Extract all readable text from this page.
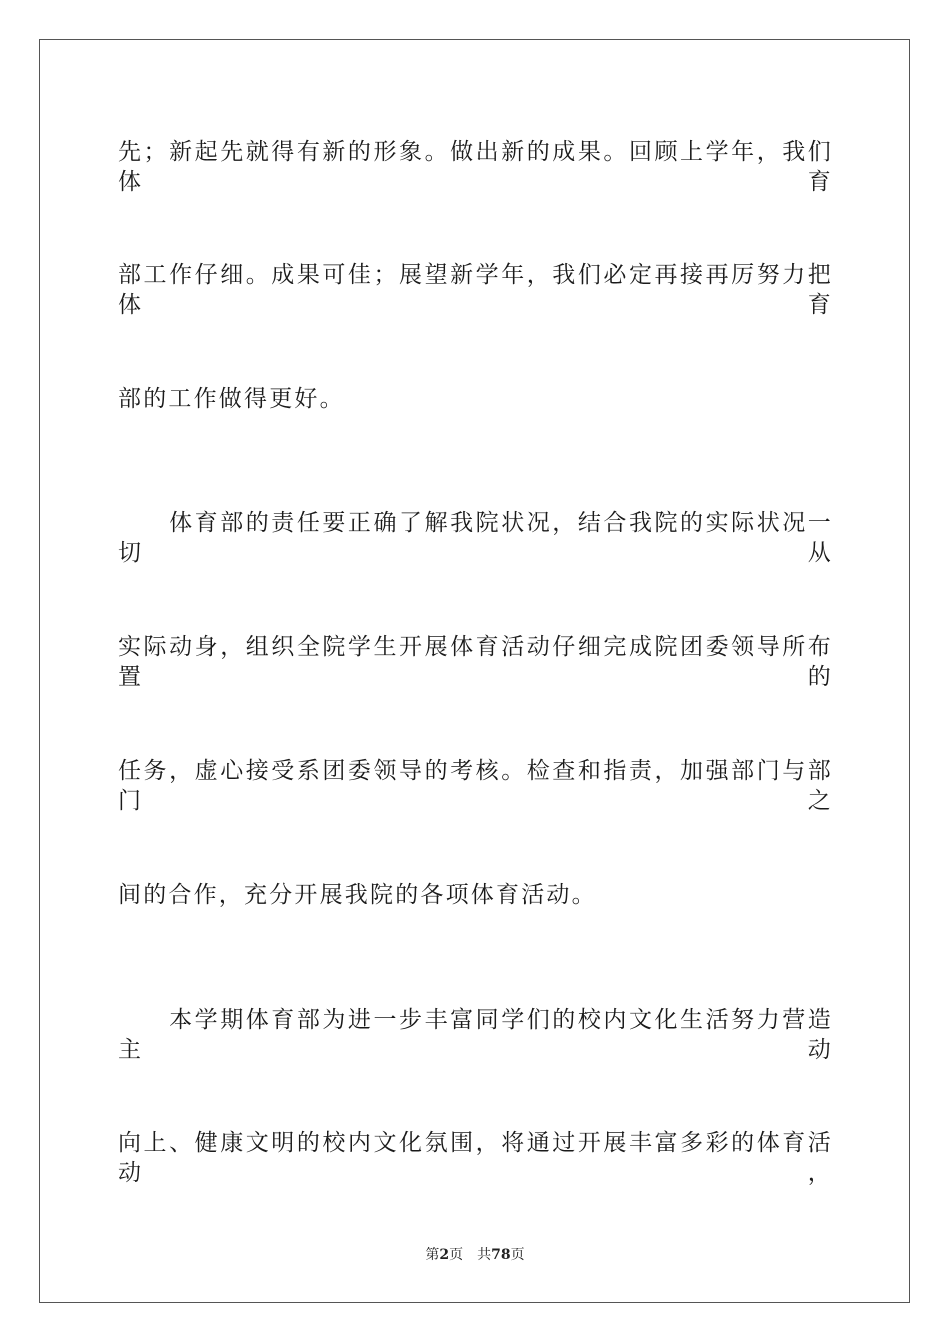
先；新起先就得有新的形象。做出新的成果。回顾上学年，我们体育
部工作仔细。成果可佳；展望新学年，我们必定再接再厉努力把体育
部的工作做得更好。
　　体育部的责任要正确了解我院状况，结合我院的实际状况一切从
实际动身，组织全院学生开展体育活动仔细完成院团委领导所布置的
任务，虚心接受系团委领导的考核。检查和指责，加强部门与部门之
间的合作，充分开展我院的各项体育活动。
　　本学期体育部为进一步丰富同学们的校内文化生活努力营造主动
向上、健康文明的校内文化氛围，将通过开展丰富多彩的体育活动，
第2页 共78页
